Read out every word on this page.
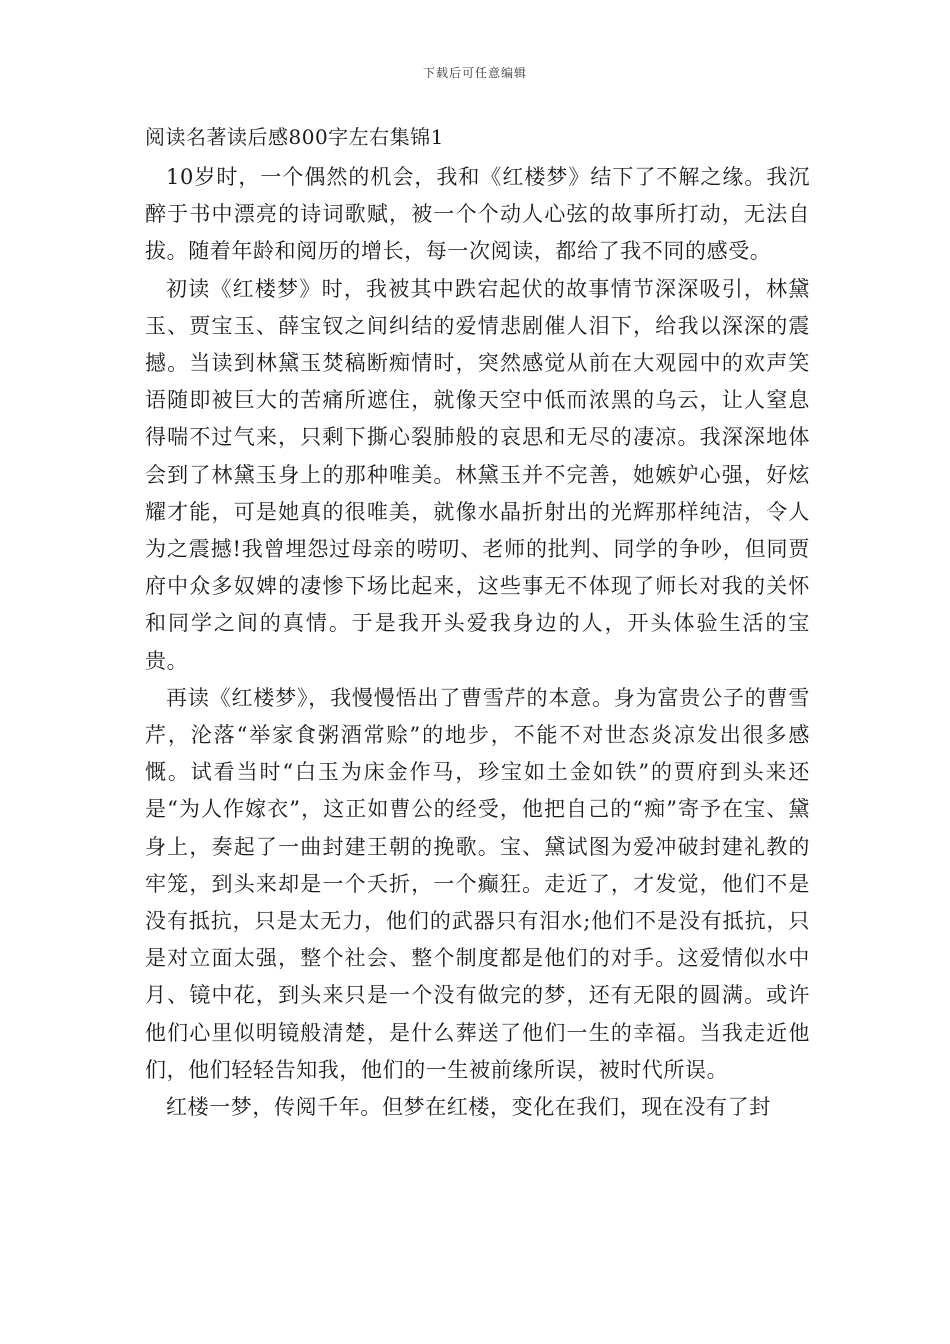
下载后可任意编辑
阅读名著读后感800字左右集锦1

10岁时，一个偶然的机会，我和《红楼梦》结下了不解之缘。我沉醉于书中漂亮的诗词歌赋，被一个个动人心弦的故事所打动，无法自拔。随着年龄和阅历的增长，每一次阅读，都给了我不同的感受。

初读《红楼梦》时，我被其中跌宕起伏的故事情节深深吸引，林黛玉、贾宝玉、薛宝钗之间纠结的爱情悲剧催人泪下，给我以深深的震撼。当读到林黛玉焚稿断痴情时，突然感觉从前在大观园中的欢声笑语随即被巨大的苦痛所遮住，就像天空中低而浓黑的乌云，让人窒息得喘不过气来，只剩下撕心裂肺般的哀思和无尽的凄凉。我深深地体会到了林黛玉身上的那种唯美。林黛玉并不完善，她嫉妒心强，好炫耀才能，可是她真的很唯美，就像水晶折射出的光辉那样纯洁，令人为之震撼!我曾埋怨过母亲的唠叨、老师的批判、同学的争吵，但同贾府中众多奴婢的凄惨下场比起来，这些事无不体现了师长对我的关怀和同学之间的真情。于是我开头爱我身边的人，开头体验生活的宝贵。

再读《红楼梦》，我慢慢悟出了曹雪芹的本意。身为富贵公子的曹雪芹，沦落“举家食粥酒常赊”的地步，不能不对世态炎凉发出很多感慨。试看当时“白玉为床金作马，珍宝如土金如铁”的贾府到头来还是“为人作嫁衣”，这正如曹公的经受，他把自己的“痴”寄予在宝、黛身上，奏起了一曲封建王朝的挽歌。宝、黛试图为爱冲破封建礼教的牢笼，到头来却是一个夭折，一个癫狂。走近了，才发觉，他们不是没有抵抗，只是太无力，他们的武器只有泪水;他们不是没有抵抗，只是对立面太强，整个社会、整个制度都是他们的对手。这爱情似水中月、镜中花，到头来只是一个没有做完的梦，还有无限的圆满。或许他们心里似明镜般清楚，是什么葬送了他们一生的幸福。当我走近他们，他们轻轻告知我，他们的一生被前缘所误，被时代所误。

红楼一梦，传阅千年。但梦在红楼，变化在我们，现在没有了封
